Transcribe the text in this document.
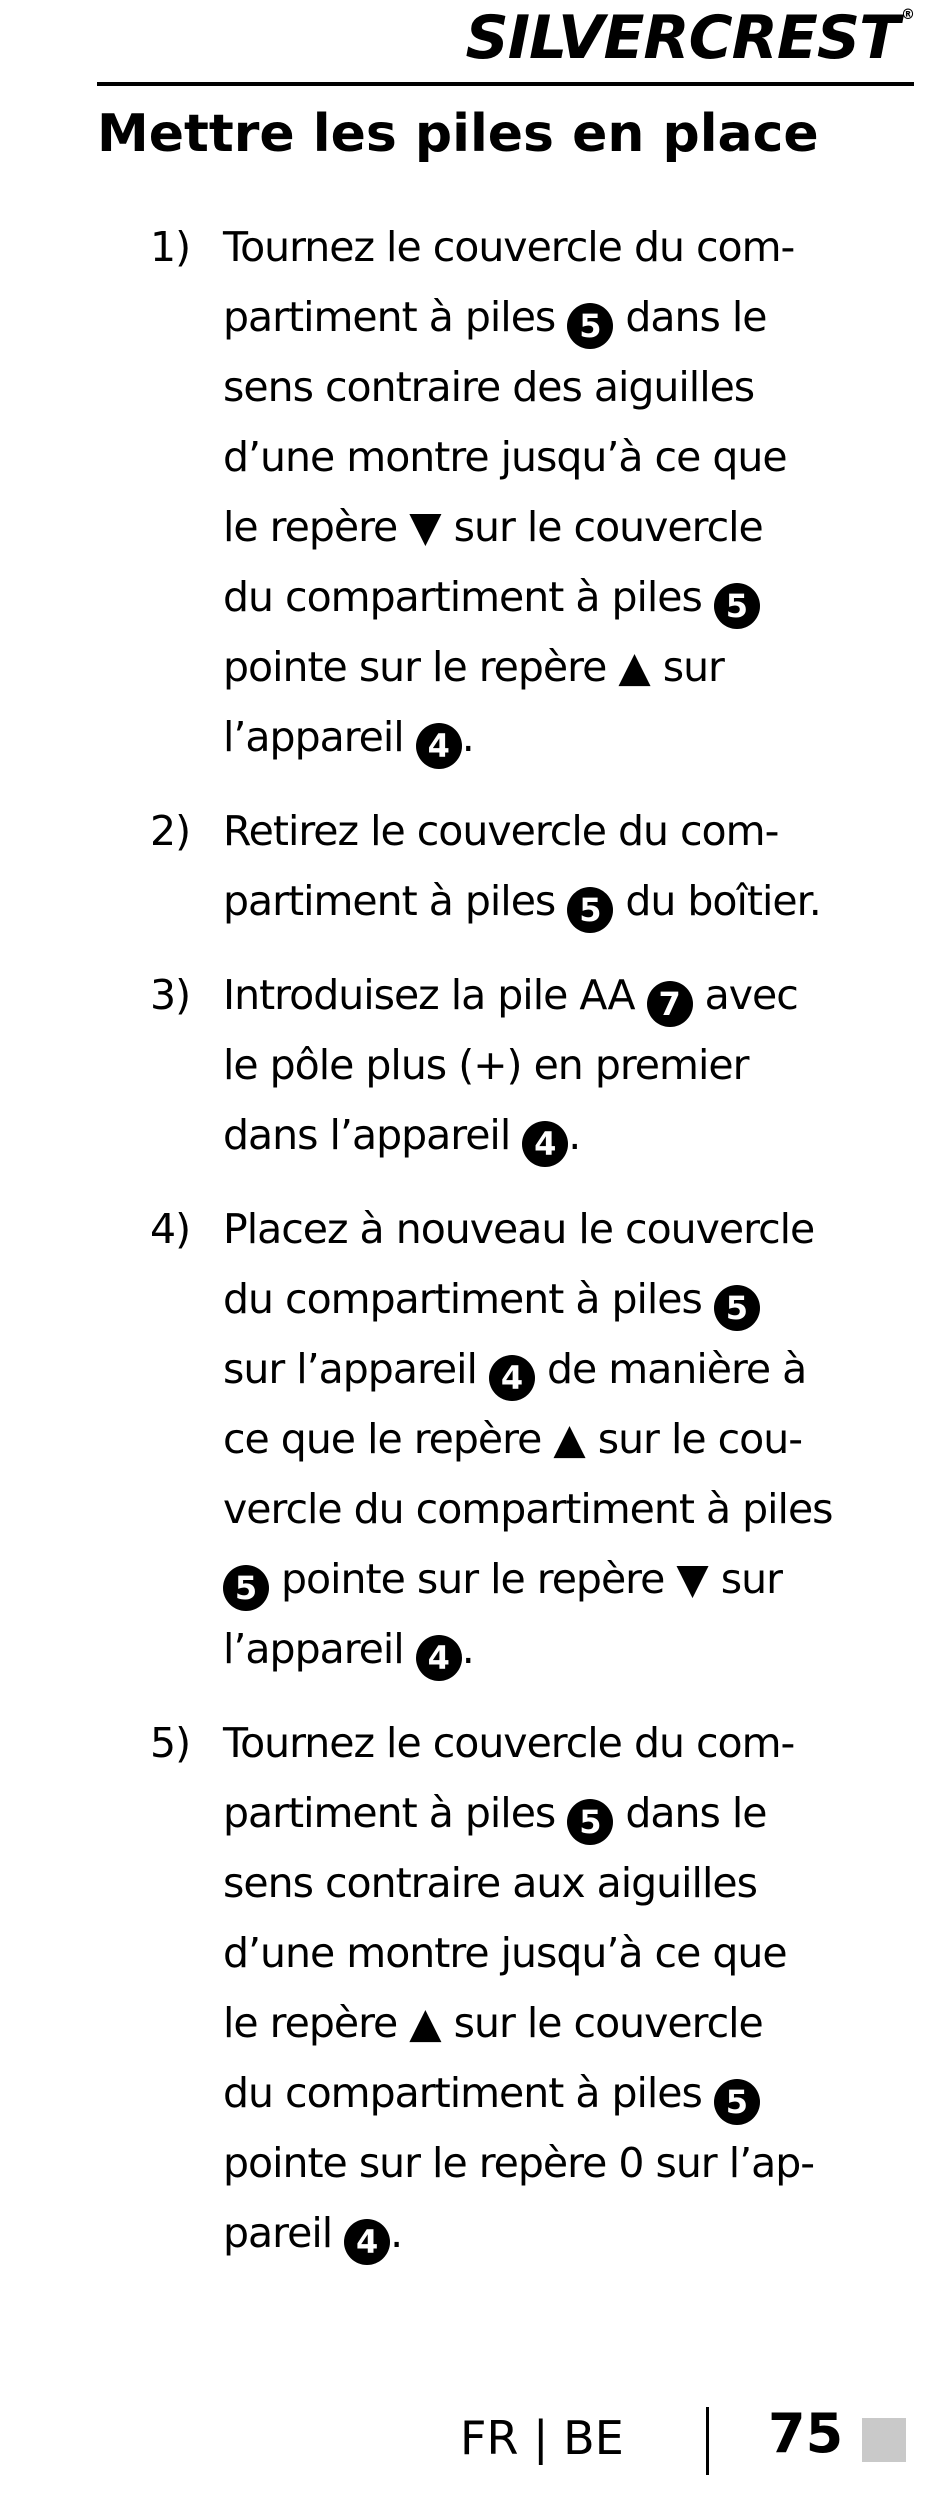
SILVERCREST ®
Mettre les piles en place
1) Tournez le couvercle du com-
partiment à piles 5 dans le
sens contraire des aiguilles
d’une montre jusqu’à ce que
le repère ▼ sur le couvercle
du compartiment à piles 5
pointe sur le repère ▲ sur
l’appareil 4 .
2) Retirez le couvercle du com-
partiment à piles 5 du boîtier.
3) Introduisez la pile AA 7 avec
le pôle plus (+) en premier
dans l’appareil 4 .
4) Placez à nouveau le couvercle
du compartiment à piles 5
sur l’appareil 4 de manière à
ce que le repère ▲ sur le cou-
vercle du compartiment à piles
5 pointe sur le repère ▼ sur
l’appareil 4 .
5) Tournez le couvercle du com-
partiment à piles 5 dans le
sens contraire aux aiguilles
d’une montre jusqu’à ce que
le repère ▲ sur le couvercle
du compartiment à piles 5
pointe sur le repère 0 sur l’ap-
pareil 4 .
FR | BE	75
